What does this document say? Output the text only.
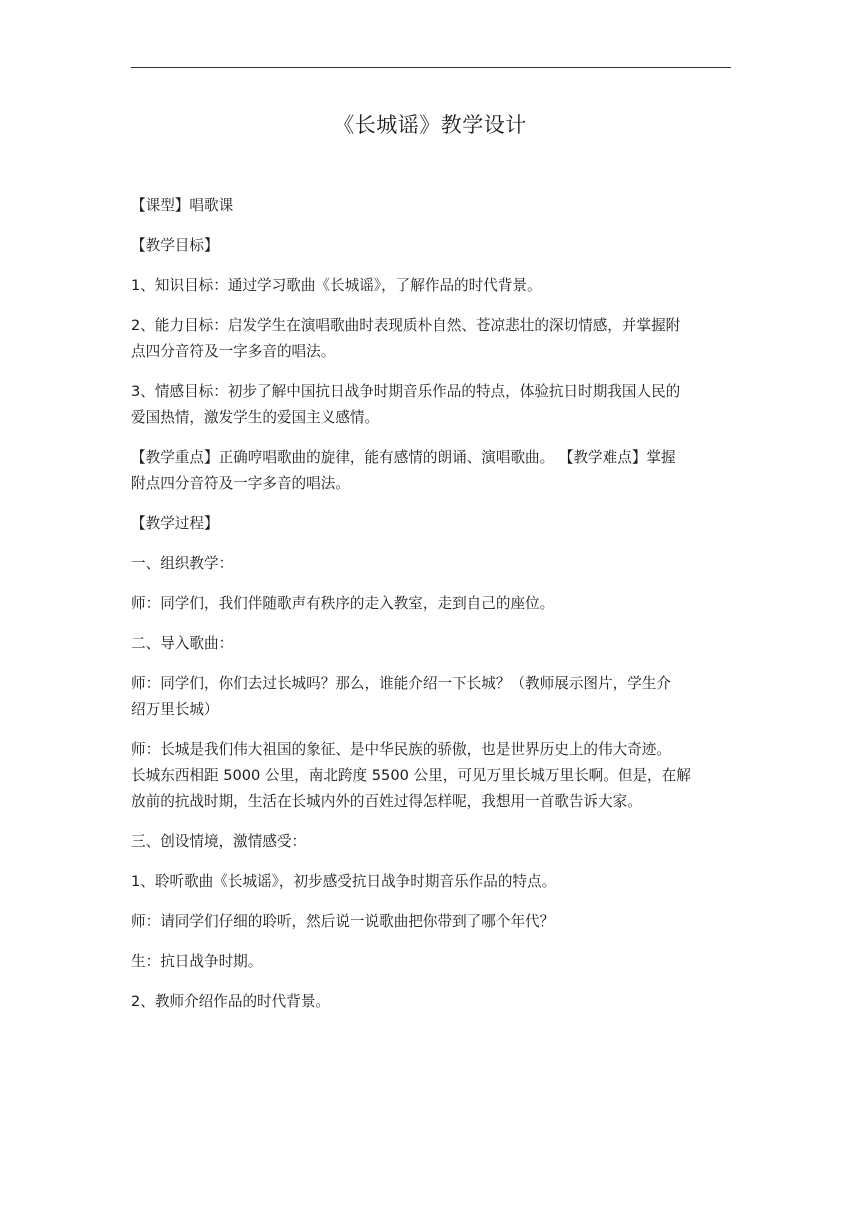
《长城谣》教学设计
【课型】唱歌课
【教学目标】
1、知识目标：通过学习歌曲《长城谣》，了解作品的时代背景。
2、能力目标：启发学生在演唱歌曲时表现质朴自然、苍凉悲壮的深切情感，并掌握附
点四分音符及一字多音的唱法。
3、情感目标：初步了解中国抗日战争时期音乐作品的特点，体验抗日时期我国人民的
爱国热情，激发学生的爱国主义感情。
【教学重点】正确哼唱歌曲的旋律，能有感情的朗诵、演唱歌曲。 【教学难点】掌握
附点四分音符及一字多音的唱法。
【教学过程】
一、组织教学：
师：同学们，我们伴随歌声有秩序的走入教室，走到自己的座位。
二、导入歌曲：
师：同学们，你们去过长城吗？那么，谁能介绍一下长城？（教师展示图片，学生介
绍万里长城）
师：长城是我们伟大祖国的象征、是中华民族的骄傲，也是世界历史上的伟大奇迹。
长城东西相距 5000 公里，南北跨度 5500 公里，可见万里长城万里长啊。但是，在解
放前的抗战时期，生活在长城内外的百姓过得怎样呢，我想用一首歌告诉大家。
三、创设情境，激情感受：
1、聆听歌曲《长城谣》，初步感受抗日战争时期音乐作品的特点。
师：请同学们仔细的聆听，然后说一说歌曲把你带到了哪个年代？
生：抗日战争时期。
2、教师介绍作品的时代背景。
